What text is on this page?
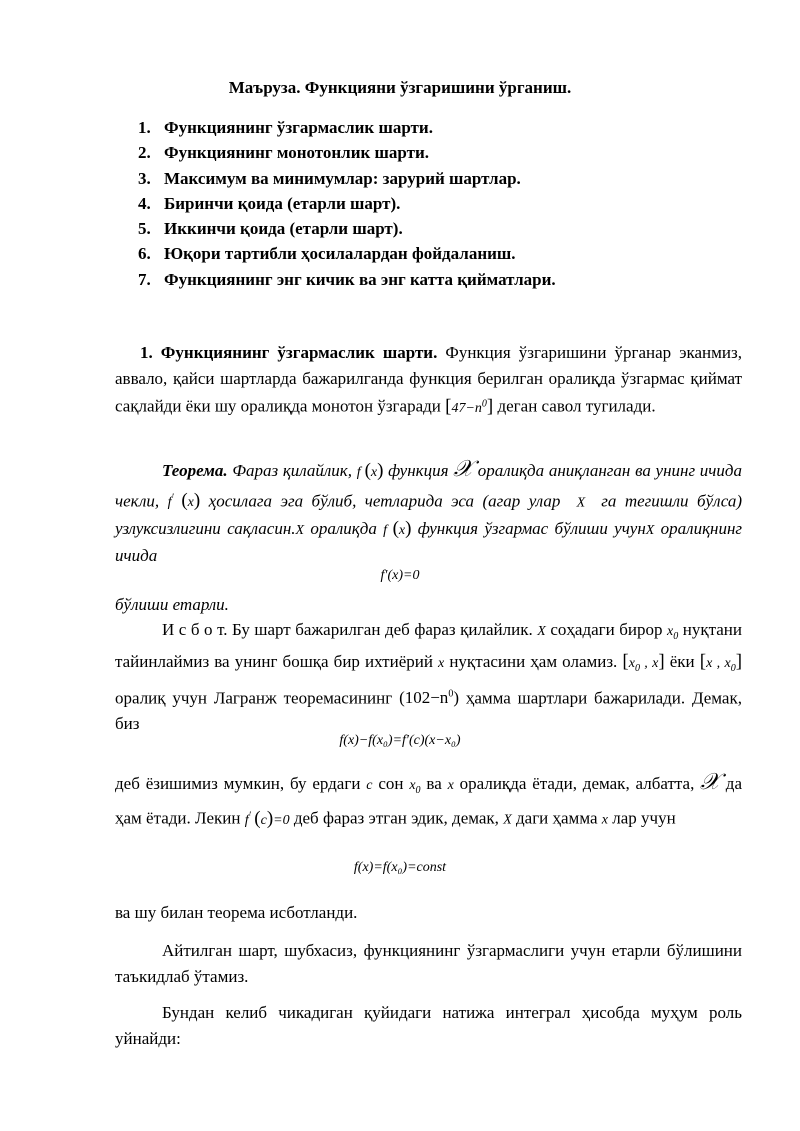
Маъруза. Функцияни ўзгаришини ўрганиш.
1. Функциянинг ўзгармаслик шарти.
2. Функциянинг монотонлик шарти.
3. Максимум ва минимумлар: зарурий шартлар.
4. Биринчи қоида (етарли шарт).
5. Иккинчи қоида (етарли шарт).
6. Юқори тартибли ҳосилалардан фойдаланиш.
7. Функциянинг энг кичик ва энг катта қийматлари.
1. Функциянинг ўзгармаслик шарти. Функция ўзгаришини ўрганар эканмиз, аввало, қайси шартларда бажарилганда функция берилган оралиқда ўзгармас қиймат сақлайди ёки шу оралиқда монотон ўзгаради $[47-n^0]$ деган савол тугилади.
Теорема. Фараз қилайлик, f (x) функция 𝒳 оралиқда аниқланган ва унинг ичида чекли, f′ (x) ҳосилага эга бўлиб, четларида эса (агар улар  X  га тегишли бўлса) узлуксизлигини сақласин.X оралиқда f (x) функция ўзгармас бўлиши учунX оралиқнинг ичида
f′(x)=0
бўлиши етарли.
И с б о т. Бу шарт бажарилган деб фараз қилайлик. X соҳадаги бирор $x_0$ нуқтани тайинлаймиз ва унинг бошқа бир ихтиёрий x нуқтасини ҳам оламиз. [$x_0$ , x] ёки [x , $x_0$] оралиқ учун Лагранж теоремасининг $(102-n^0)$ ҳамма шартлари бажарилади. Демак, биз
f(x)−f(x₀)=f′(c)(x−x₀)
деб ёзишимиз мумкин, бу ердаги c сон $x_0$ ва x оралиқда ётади, демак, албатта, 𝒳 да ҳам ётади. Лекин f′ (c)=0 деб фараз этган эдик, демак, X даги ҳамма x лар учун
f(x)=f(x₀)=const
ва шу билан теорема исботланди.
Айтилган шарт, шубхасиз, функциянинг ўзгармаслиги учун етарли бўлишини таъкидлаб ўтамиз.
Бундан келиб чикадиган қуйидаги натижа интеграл ҳисобда муҳум роль уйнайди:
